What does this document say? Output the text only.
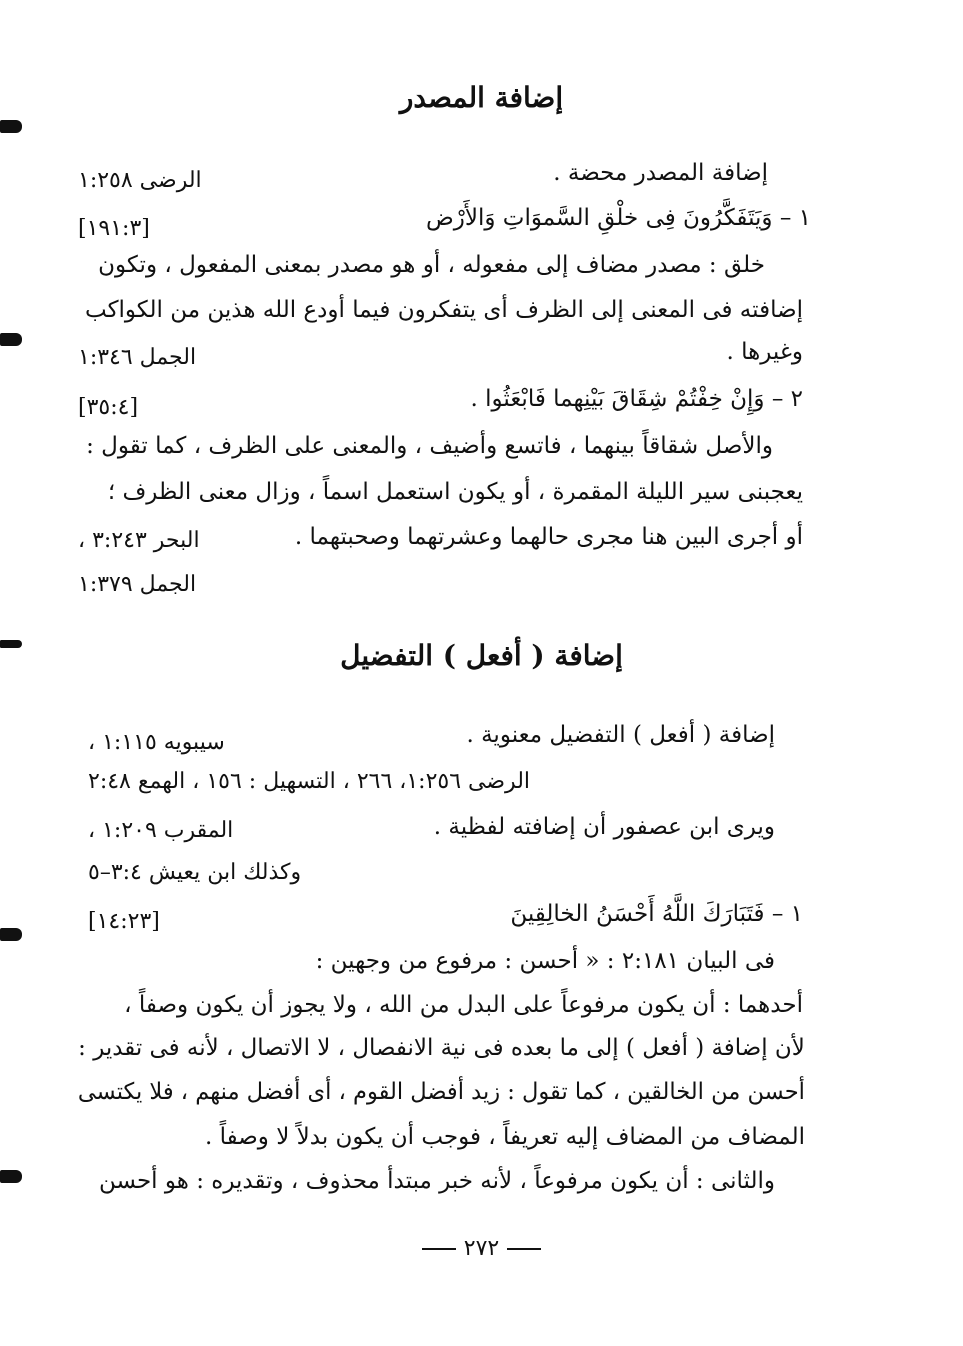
إضافة المصدر
إضافة المصدر محضة .
الرضى ١:٢٥٨
١ – وَيَتَفَكَّرُونَ فِى خلْقِ السَّموَاتِ وَالأَرْض
[١٩١:٣]
خلق : مصدر مضاف إلى مفعوله ، أو هو مصدر بمعنى المفعول ، وتكون
إضافته فى المعنى إلى الظرف أى يتفكرون فيما أودع الله هذين من الكواكب
وغيرها .
الجمل ١:٣٤٦
٢ – وَإِنْ خِفْتُمْ شِقَاقَ بَيْنِهما فَابْعَثُوا .
[٣٥:٤]
والأصل شقاقاً بينهما ، فاتسع وأضيف ، والمعنى على الظرف ، كما تقول :
يعجبنى سير الليلة المقمرة ، أو يكون استعمل اسماً ، وزال معنى الظرف ؛
أو أجرى البين هنا مجرى حالهما وعشرتهما وصحبتهما .
البحر ٣:٢٤٣ ،
الجمل ١:٣٧٩
إضافة ( أفعل ) التفضيل
إضافة ( أفعل ) التفضيل معنوية .
سيبويه ١:١١٥ ،
الرضى ١:٢٥٦، ٢٦٦ ، التسهيل : ١٥٦ ، الهمع ٢:٤٨
ويرى ابن عصفور أن إضافته لفظية .
المقرب ١:٢٠٩ ،
وكذلك ابن يعيش ٣:٤–٥
١ – فَتَبَارَكَ اللَّهُ أَحْسَنُ الخالِقِينَ
[١٤:٢٣]
فى البيان ٢:١٨١ : « أحسن : مرفوع من وجهين :
أحدهما : أن يكون مرفوعاً على البدل من الله ، ولا يجوز أن يكون وصفاً ،
لأن إضافة ( أفعل ) إلى ما بعده فى نية الانفصال ، لا الاتصال ، لأنه فى تقدير :
أحسن من الخالقين ، كما تقول : زيد أفضل القوم ، أى أفضل منهم ، فلا يكتسى
المضاف من المضاف إليه تعريفاً ، فوجب أن يكون بدلاً لا وصفاً .
والثانى : أن يكون مرفوعاً ، لأنه خبر مبتدأ محذوف ، وتقديره : هو أحسن
٢٧٢
